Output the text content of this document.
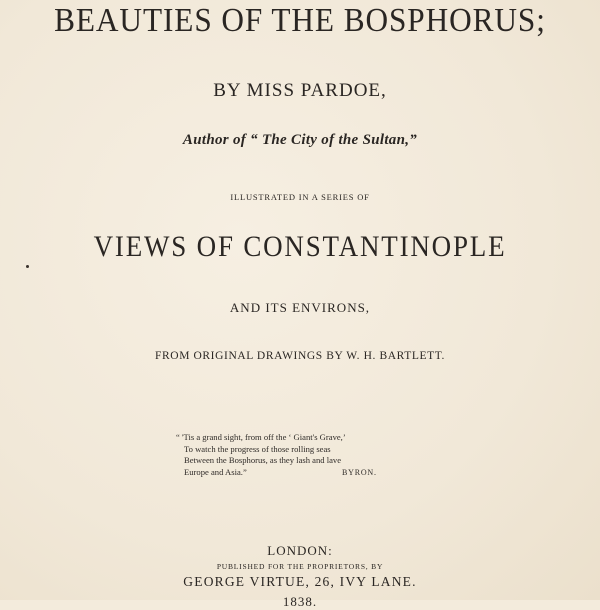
BEAUTIES OF THE BOSPHORUS;
BY MISS PARDOE,
Author of “ The City of the Sultan,”
ILLUSTRATED IN A SERIES OF
VIEWS OF CONSTANTINOPLE
AND ITS ENVIRONS,
FROM ORIGINAL DRAWINGS BY W. H. BARTLETT.
“ 'Tis a grand sight, from off the ‘ Giant's Grave,’
To watch the progress of those rolling seas
Between the Bosphorus, as they lash and lave
Europe and Asia.”	BYRON.
LONDON:
PUBLISHED FOR THE PROPRIETORS, BY
GEORGE VIRTUE, 26, IVY LANE.
1838.
